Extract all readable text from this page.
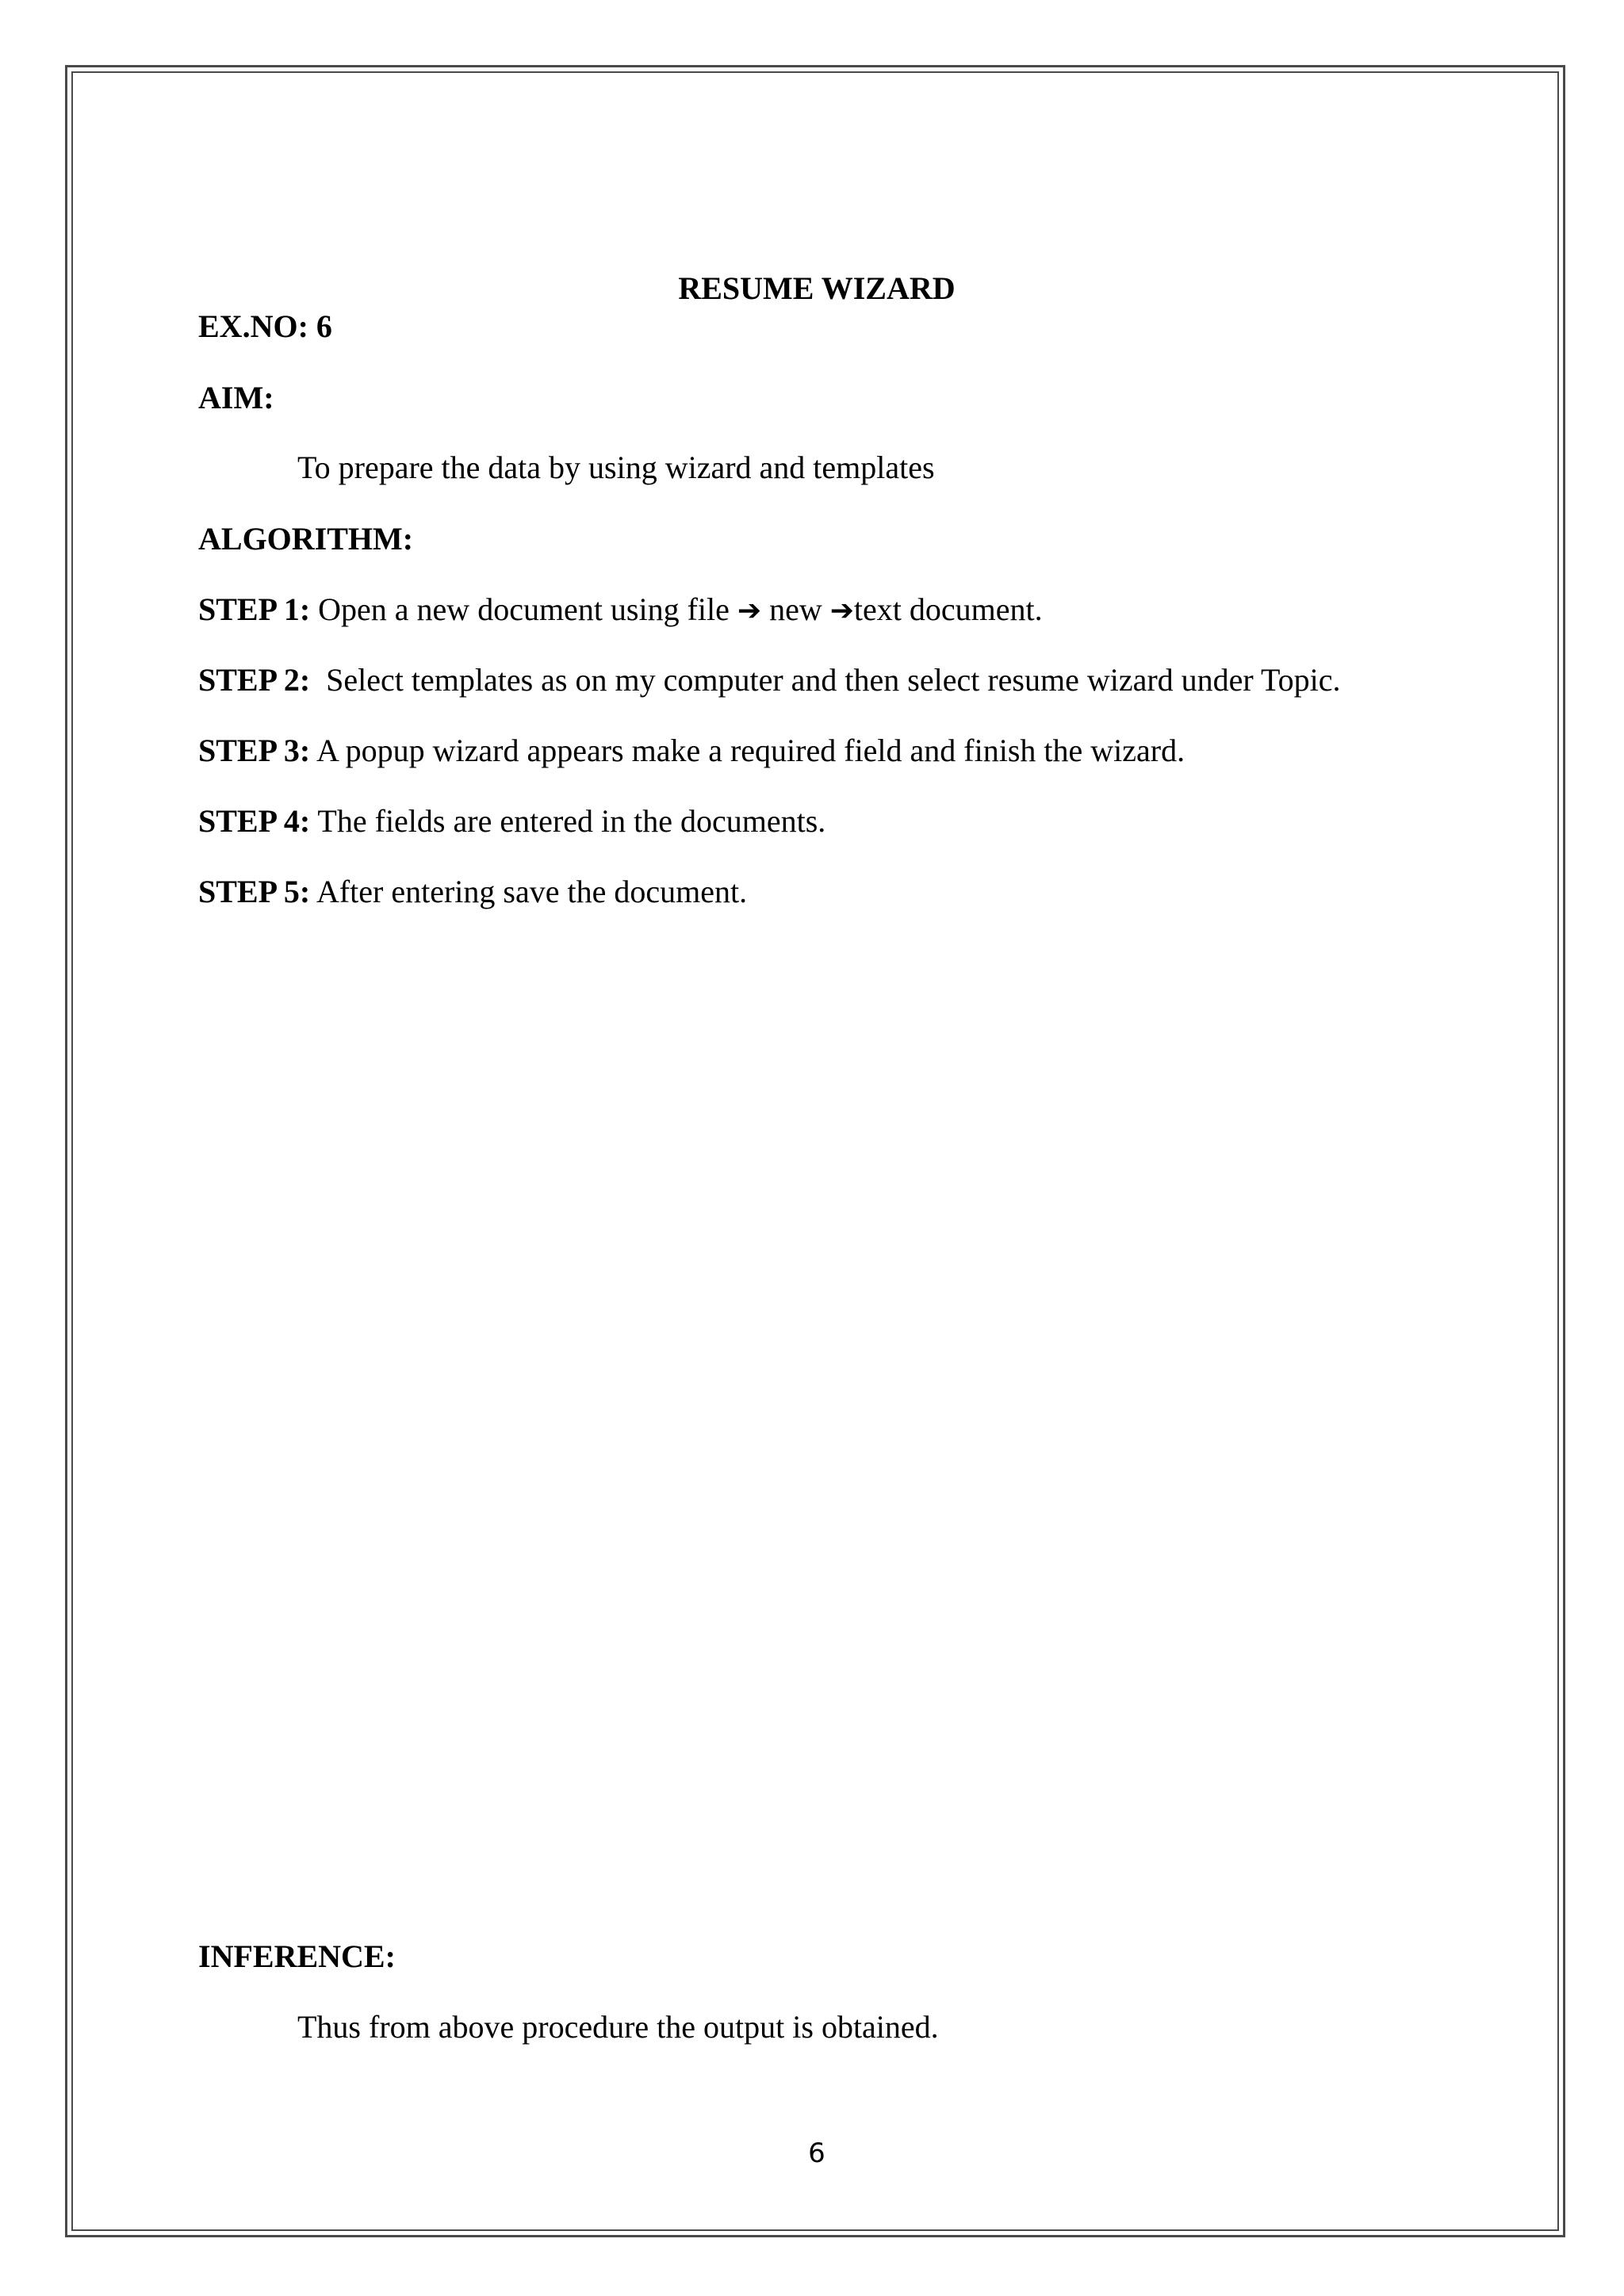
RESUME WIZARD
EX.NO: 6
AIM:
To prepare the data by using wizard and templates
ALGORITHM:
STEP 1: Open a new document using file ➔ new ➔text document.
STEP 2:  Select templates as on my computer and then select resume wizard under Topic.
STEP 3: A popup wizard appears make a required field and finish the wizard.
STEP 4: The fields are entered in the documents.
STEP 5: After entering save the document.
INFERENCE:
Thus from above procedure the output is obtained.
6
